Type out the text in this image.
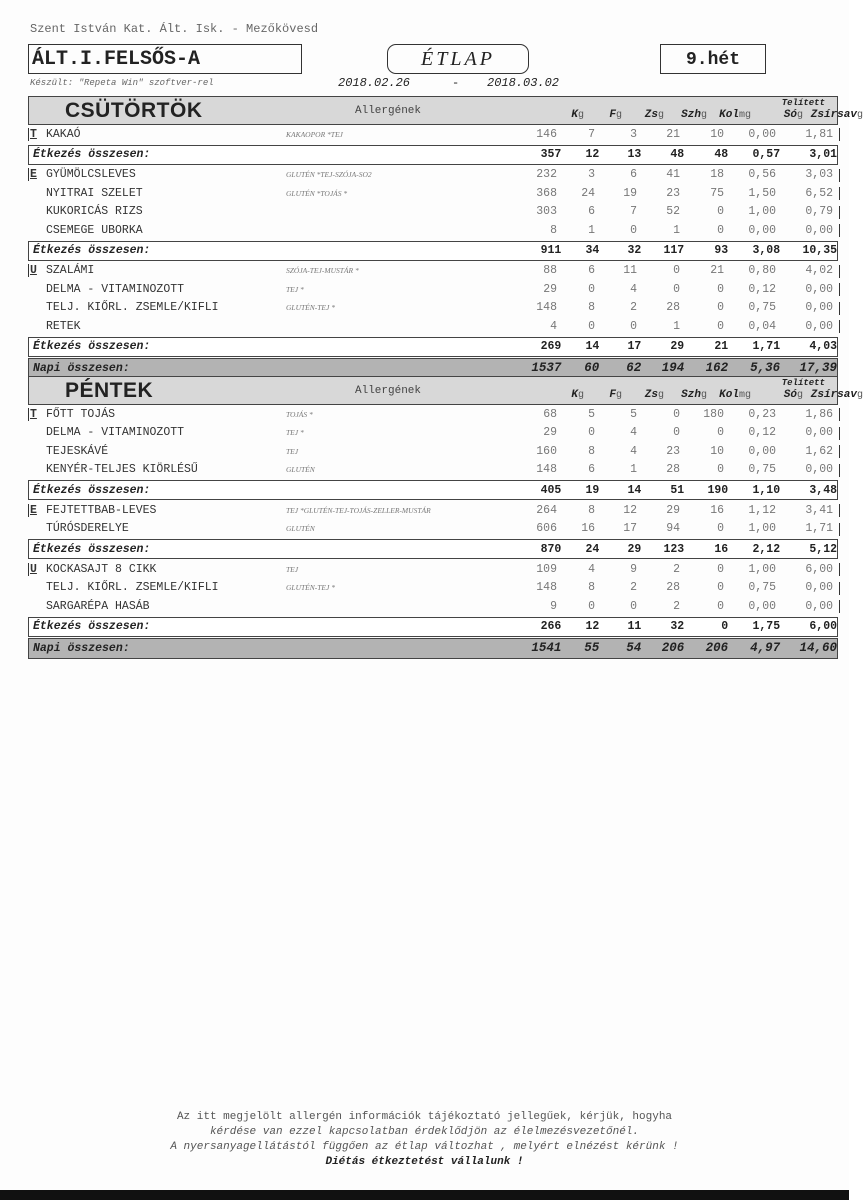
Szent István Kat. Ált. Isk. - Mezőkövesd
ÁLT.I.FELSŐS-A	ÉTLAP	9.hét
Készült: "Repeta Win" szoftver-rel	2018.02.26	- 2018.03.02
CSÜTÖRTÖK	Allergének	Kg Fg Zsg Szhg Kolmg	Sóg Zsírsavg
Telített
T KAKAÓ	KAKAOPOR *TEJ	146	7	3	21	10	0,00	1,81
Étkezés összesen:	357	12	13	48	48	0,57	3,01
E GYÜMÖLCSLEVES	GLUTÉN *TEJ-SZÓJA-SO2	232	3	6	41	18	0,56	3,03
NYITRAI SZELET	GLUTÉN *TOJÁS *	368	24	19	23	75	1,50	6,52
KUKORICÁS RIZS	303	6	7	52	0	1,00	0,79
CSEMEGE UBORKA	8	1	0	1	0	0,00	0,00
Étkezés összesen:	911	34	32	117	93	3,08	10,35
U SZALÁMI	SZÓJA-TEJ-MUSTÁR *	88	6	11	0	21	0,80	4,02
DELMA - VITAMINOZOTT	TEJ *	29	0	4	0	0	0,12	0,00
TELJ. KIŐRL. ZSEMLE/KIFLI	GLUTÉN-TEJ *	148	8	2	28	0	0,75	0,00
RETEK	4	0	0	1	0	0,04	0,00
Étkezés összesen:	269	14	17	29	21	1,71	4,03
Napi összesen:	1537	60	62	194	162	5,36	17,39
PÉNTEK	Allergének	Kg Fg Zsg Szhg Kolmg	Sóg Zsírsavg
Telített
T FŐTT TOJÁS	TOJÁS *	68	5	5	0	180	0,23	1,86
DELMA - VITAMINOZOTT	TEJ *	29	0	4	0	0	0,12	0,00
TEJESKÁVÉ	TEJ	160	8	4	23	10	0,00	1,62
KENYÉR-TELJES KIÖRLÉSŰ	GLUTÉN	148	6	1	28	0	0,75	0,00
Étkezés összesen:	405	19	14	51	190	1,10	3,48
E FEJTETTBAB-LEVES	TEJ *GLUTÉN-TEJ-TOJÁS-ZELLER-MUSTÁR	264	8	12	29	16	1,12	3,41
TÚRÓSDERELYE	GLUTÉN	606	16	17	94	0	1,00	1,71
Étkezés összesen:	870	24	29	123	16	2,12	5,12
U KOCKASAJT 8 CIKK	TEJ	109	4	9	2	0	1,00	6,00
TELJ. KIŐRL. ZSEMLE/KIFLI	GLUTÉN-TEJ *	148	8	2	28	0	0,75	0,00
SARGARÉPA HASÁB	9	0	0	2	0	0,00	0,00
Étkezés összesen:	266	12	11	32	0	1,75	6,00
Napi összesen:	1541	55	54	206	206	4,97	14,60
Az itt megjelölt allergén információk tájékoztató jellegűek, kérjük, hogyha
kérdése van ezzel kapcsolatban érdeklődjön az élelmezésvezetőnél.
A nyersanyagellátástól függően az étlap változhat , melyért elnézést kérünk !
Diétás étkeztetést vállalunk !
